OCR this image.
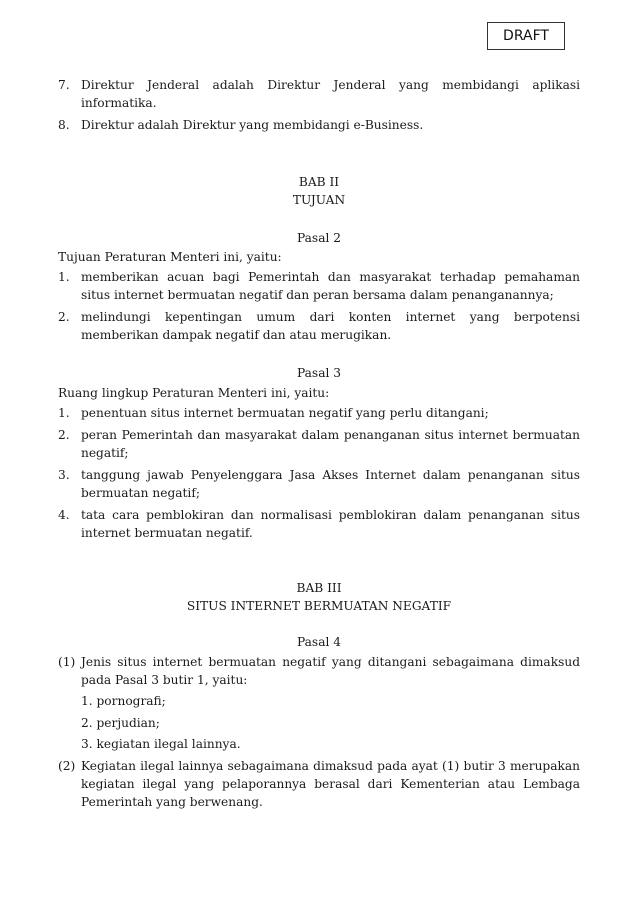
DRAFT
7. Direktur Jenderal adalah Direktur Jenderal yang membidangi aplikasi informatika.
8. Direktur adalah Direktur yang membidangi e-Business.
BAB II
TUJUAN
Pasal 2
Tujuan Peraturan Menteri ini, yaitu:
1. memberikan acuan bagi Pemerintah dan masyarakat terhadap pemahaman situs internet bermuatan negatif dan peran bersama dalam penanganannya;
2. melindungi kepentingan umum dari konten internet yang berpotensi memberikan dampak negatif dan atau merugikan.
Pasal 3
Ruang lingkup Peraturan Menteri ini, yaitu:
1. penentuan situs internet bermuatan negatif yang perlu ditangani;
2. peran Pemerintah dan masyarakat dalam penanganan situs internet bermuatan negatif;
3. tanggung jawab Penyelenggara Jasa Akses Internet dalam penanganan situs bermuatan negatif;
4. tata cara pemblokiran dan normalisasi pemblokiran dalam penanganan situs internet bermuatan negatif.
BAB III
SITUS INTERNET BERMUATAN NEGATIF
Pasal 4
(1) Jenis situs internet bermuatan negatif yang ditangani sebagaimana dimaksud pada Pasal 3 butir 1, yaitu:
1. pornografi;
2. perjudian;
3. kegiatan ilegal lainnya.
(2) Kegiatan ilegal lainnya sebagaimana dimaksud pada ayat (1) butir 3 merupakan kegiatan ilegal yang pelaporannya berasal dari Kementerian atau Lembaga Pemerintah yang berwenang.
